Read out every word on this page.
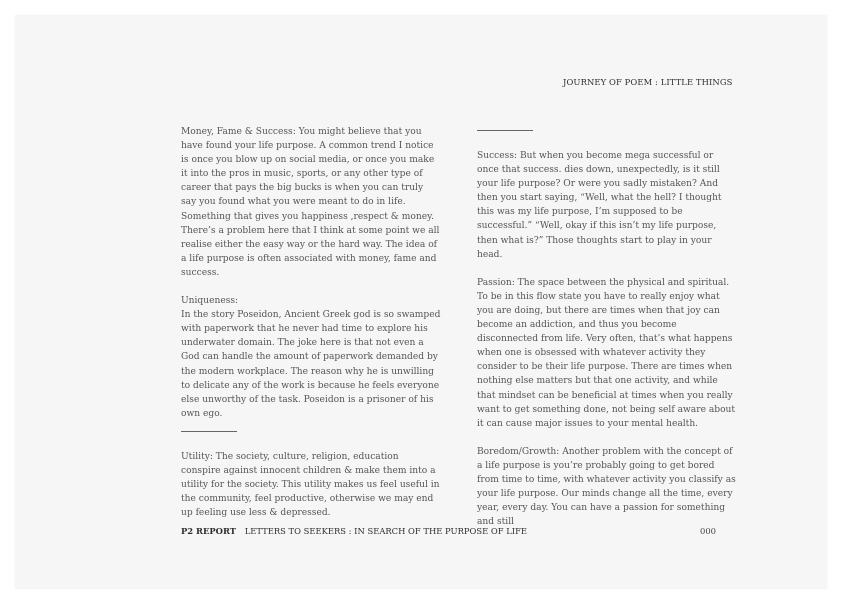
JOURNEY OF POEM : LITTLE THINGS

Money, Fame & Success: You might believe that you have found your life purpose. A common trend I notice is once you blow up on social media, or once you make it into the pros in music, sports, or any other type of career that pays the big bucks is when you can truly say you found what you were meant to do in life. Something that gives you happiness ,respect & money. There’s a problem here that I think at some point we all realise either the easy way or the hard way. The idea of a life purpose is often associated with money, fame and success.

Uniqueness:
In the story Poseidon, Ancient Greek god is so swamped with paperwork that he never had time to explore his underwater domain. The joke here is that not even a God can handle the amount of paperwork demanded by the modern workplace. The reason why he is unwilling to delicate any of the work is because he feels everyone else unworthy of the task. Poseidon is a prisoner of his own ego.

Utility: The society, culture, religion, education conspire against innocent children & make them into a utility for the society. This utility makes us feel useful in the community, feel productive, otherwise we may end up feeling use less & depressed.

Success: But when you become mega successful or once that success. dies down, unexpectedly, is it still your life purpose? Or were you sadly mistaken? And then you start saying, “Well, what the hell? I thought this was my life purpose, I’m supposed to be successful.” “Well, okay if this isn’t my life purpose, then what is?” Those thoughts start to play in your head.

Passion: The space between the physical and spiritual. To be in this flow state you have to really enjoy what you are doing, but there are times when that joy can become an addiction, and thus you become disconnected from life. Very often, that’s what happens when one is obsessed with whatever activity they consider to be their life purpose. There are times when nothing else matters but that one activity, and while that mindset can be beneficial at times when you really want to get something done, not being self aware about it can cause major issues to your mental health.

Boredom/Growth: Another problem with the concept of a life purpose is you’re probably going to get bored from time to time, with whatever activity you classify as your life purpose. Our minds change all the time, every year, every day. You can have a passion for something and still

P2 REPORT LETTERS TO SEEKERS : IN SEARCH OF THE PURPOSE OF LIFE	000
